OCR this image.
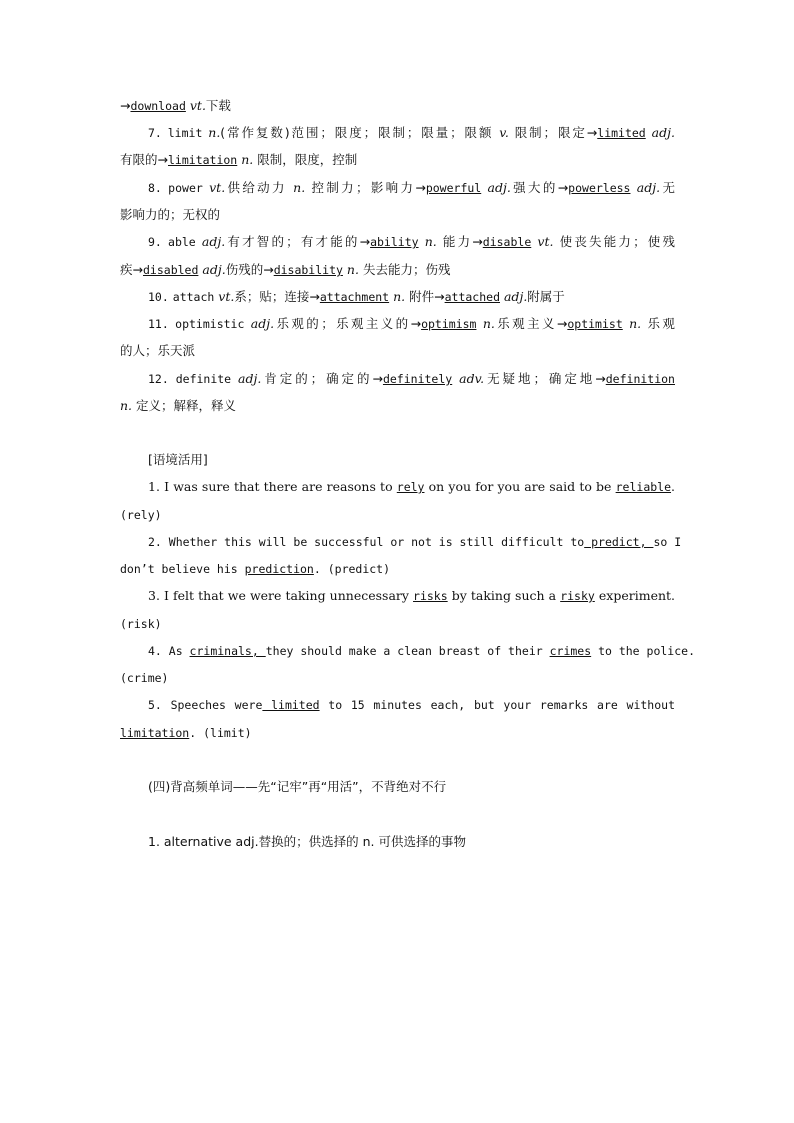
→download vt.下载
7. limit n.(常作复数)范围；限度；限制；限量；限额 v. 限制；限定→limited adj.
有限的→limitation n. 限制，限度，控制
8. power vt.供给动力 n. 控制力；影响力→powerful adj.强大的→powerless adj.无
影响力的；无权的
9. able adj.有才智的；有才能的→ability n. 能力→disable vt. 使丧失能力；使残
疾→disabled adj.伤残的→disability n. 失去能力；伤残
10. attach vt.系；贴；连接→attachment n. 附件→attached adj.附属于
11. optimistic adj.乐观的；乐观主义的→optimism n.乐观主义→optimist n. 乐观
的人；乐天派
12. definite adj.肯定的；确定的→definitely adv.无疑地；确定地→definition
n. 定义；解释，释义
[语境活用]
1. I was sure that there are reasons to rely on you for you are said to be reliable.
(rely)
2. Whether this will be successful or not is still difficult to predict, so I
don’t believe his prediction. (predict)
3. I felt that we were taking unnecessary risks by taking such a risky experiment.
(risk)
4. As criminals, they should make a clean breast of their crimes to the police.
(crime)
5. Speeches were limited to 15 minutes each, but your remarks are without
limitation. (limit)
(四)背高频单词——先“记牢”再“用活”，不背绝对不行
1. alternative adj.替换的；供选择的 n. 可供选择的事物
